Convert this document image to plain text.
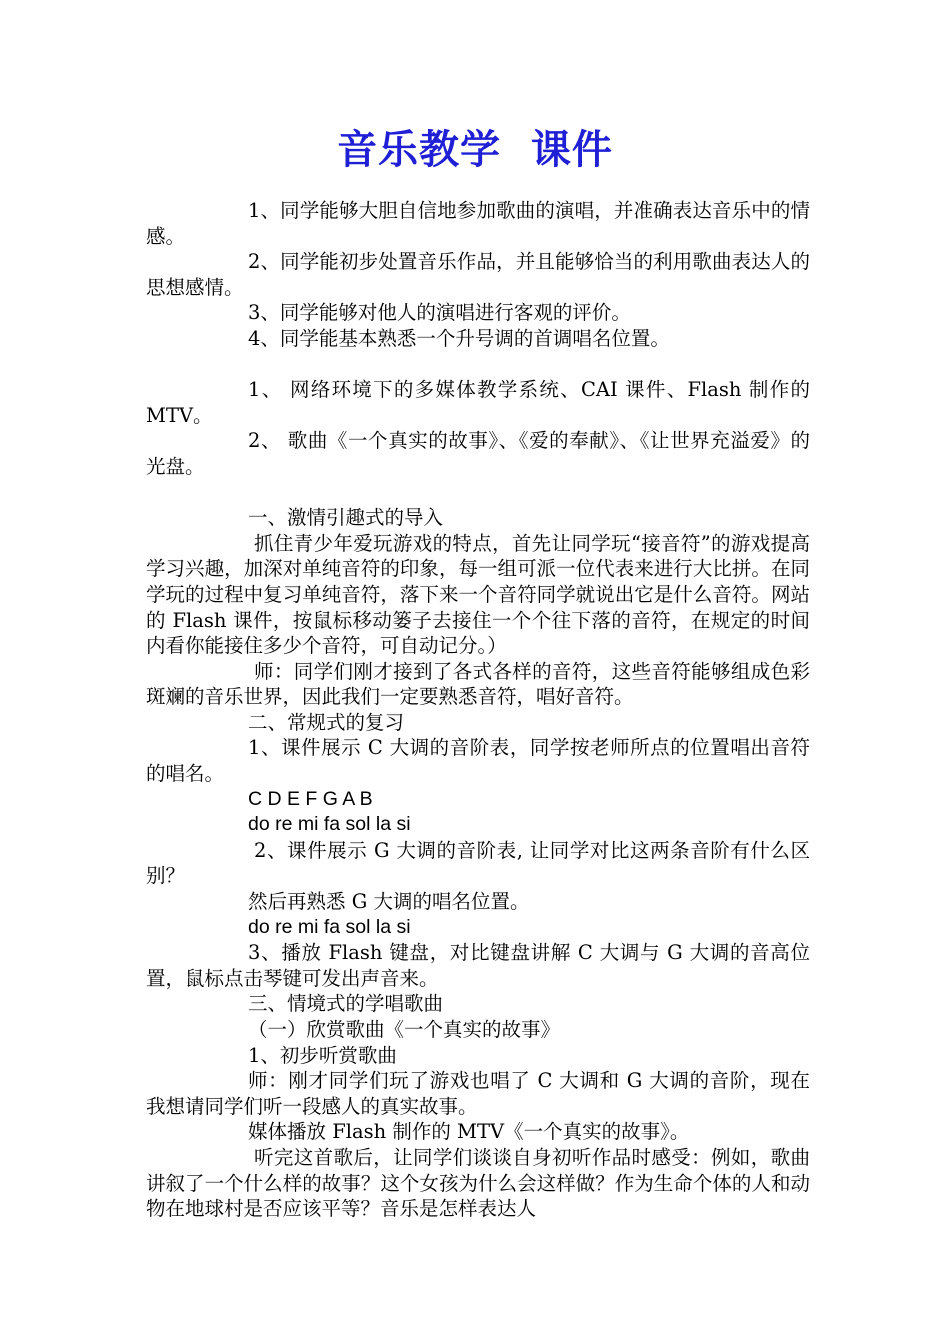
音乐教学  课件

1、同学能够大胆自信地参加歌曲的演唱，并准确表达音乐中的情感。

2、同学能初步处置音乐作品，并且能够恰当的利用歌曲表达人的思想感情。

3、同学能够对他人的演唱进行客观的评价。

4、同学能基本熟悉一个升号调的首调唱名位置。

1、 网络环境下的多媒体教学系统、CAI 课件、Flash 制作的 MTV。

2、 歌曲《一个真实的故事》、《爱的奉献》、《让世界充溢爱》的光盘。

一、激情引趣式的导入

抓住青少年爱玩游戏的特点，首先让同学玩“接音符”的游戏提高学习兴趣，加深对单纯音符的印象，每一组可派一位代表来进行大比拼。在同学玩的过程中复习单纯音符，落下来一个音符同学就说出它是什么音符。网站的 Flash 课件，按鼠标移动篓子去接住一个个往下落的音符，在规定的时间内看你能接住多少个音符，可自动记分。）

师：同学们刚才接到了各式各样的音符，这些音符能够组成色彩斑斓的音乐世界，因此我们一定要熟悉音符，唱好音符。

二、常规式的复习

1、课件展示 C 大调的音阶表，同学按老师所点的位置唱出音符的唱名。

C D E F G A B

do re mi fa sol la si

2、课件展示 G 大调的音阶表, 让同学对比这两条音阶有什么区别？

然后再熟悉 G 大调的唱名位置。

do re mi fa sol la si

3、播放 Flash 键盘，对比键盘讲解 C 大调与 G 大调的音高位置，鼠标点击琴键可发出声音来。

三、情境式的学唱歌曲

（一）欣赏歌曲《一个真实的故事》

1、初步听赏歌曲

师：刚才同学们玩了游戏也唱了 C 大调和 G 大调的音阶，现在我想请同学们听一段感人的真实故事。

媒体播放 Flash 制作的 MTV《一个真实的故事》。

听完这首歌后，让同学们谈谈自身初听作品时感受：例如，歌曲讲叙了一个什么样的故事？这个女孩为什么会这样做？作为生命个体的人和动物在地球村是否应该平等？音乐是怎样表达人
